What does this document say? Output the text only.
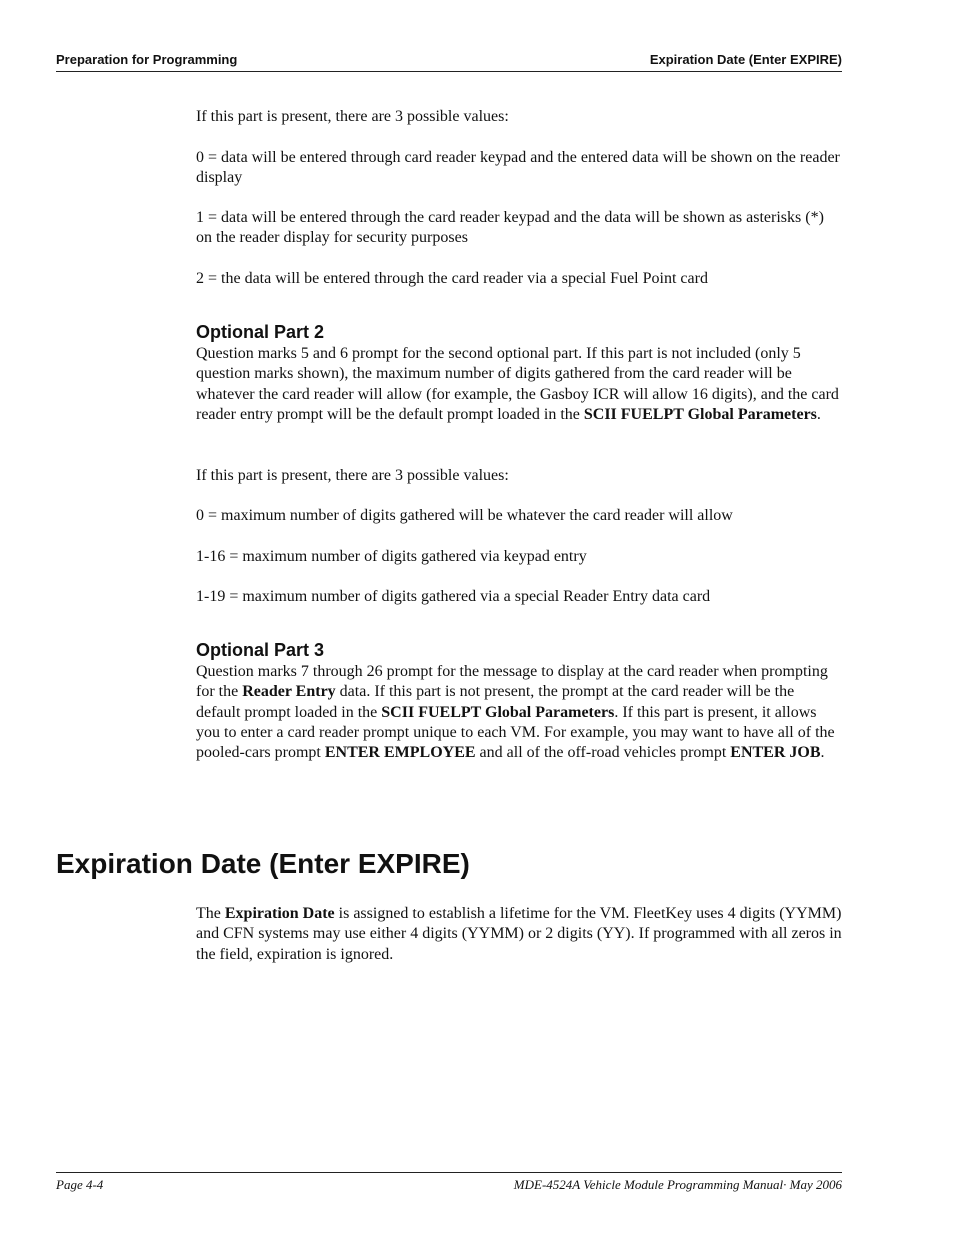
Preparation for Programming	Expiration Date (Enter EXPIRE)

If this part is present, there are 3 possible values:

0 = data will be entered through card reader keypad and the entered data will be shown on the reader display

1 = data will be entered through the card reader keypad and the data will be shown as asterisks (*) on the reader display for security purposes

2 = the data will be entered through the card reader via a special Fuel Point card

Optional Part 2

Question marks 5 and 6 prompt for the second optional part. If this part is not included (only 5 question marks shown), the maximum number of digits gathered from the card reader will be whatever the card reader will allow (for example, the Gasboy ICR will allow 16 digits), and the card reader entry prompt will be the default prompt loaded in the SCII FUELPT Global Parameters.

If this part is present, there are 3 possible values:

0 = maximum number of digits gathered will be whatever the card reader will allow

1-16 = maximum number of digits gathered via keypad entry

1-19 = maximum number of digits gathered via a special Reader Entry data card

Optional Part 3

Question marks 7 through 26 prompt for the message to display at the card reader when prompting for the Reader Entry data. If this part is not present, the prompt at the card reader will be the default prompt loaded in the SCII FUELPT Global Parameters. If this part is present, it allows you to enter a card reader prompt unique to each VM. For example, you may want to have all of the pooled-cars prompt ENTER EMPLOYEE and all of the off-road vehicles prompt ENTER JOB.

Expiration Date (Enter EXPIRE)

The Expiration Date is assigned to establish a lifetime for the VM. FleetKey uses 4 digits (YYMM) and CFN systems may use either 4 digits (YYMM) or 2 digits (YY). If programmed with all zeros in the field, expiration is ignored.

Page 4-4	MDE-4524A Vehicle Module Programming Manual· May 2006
